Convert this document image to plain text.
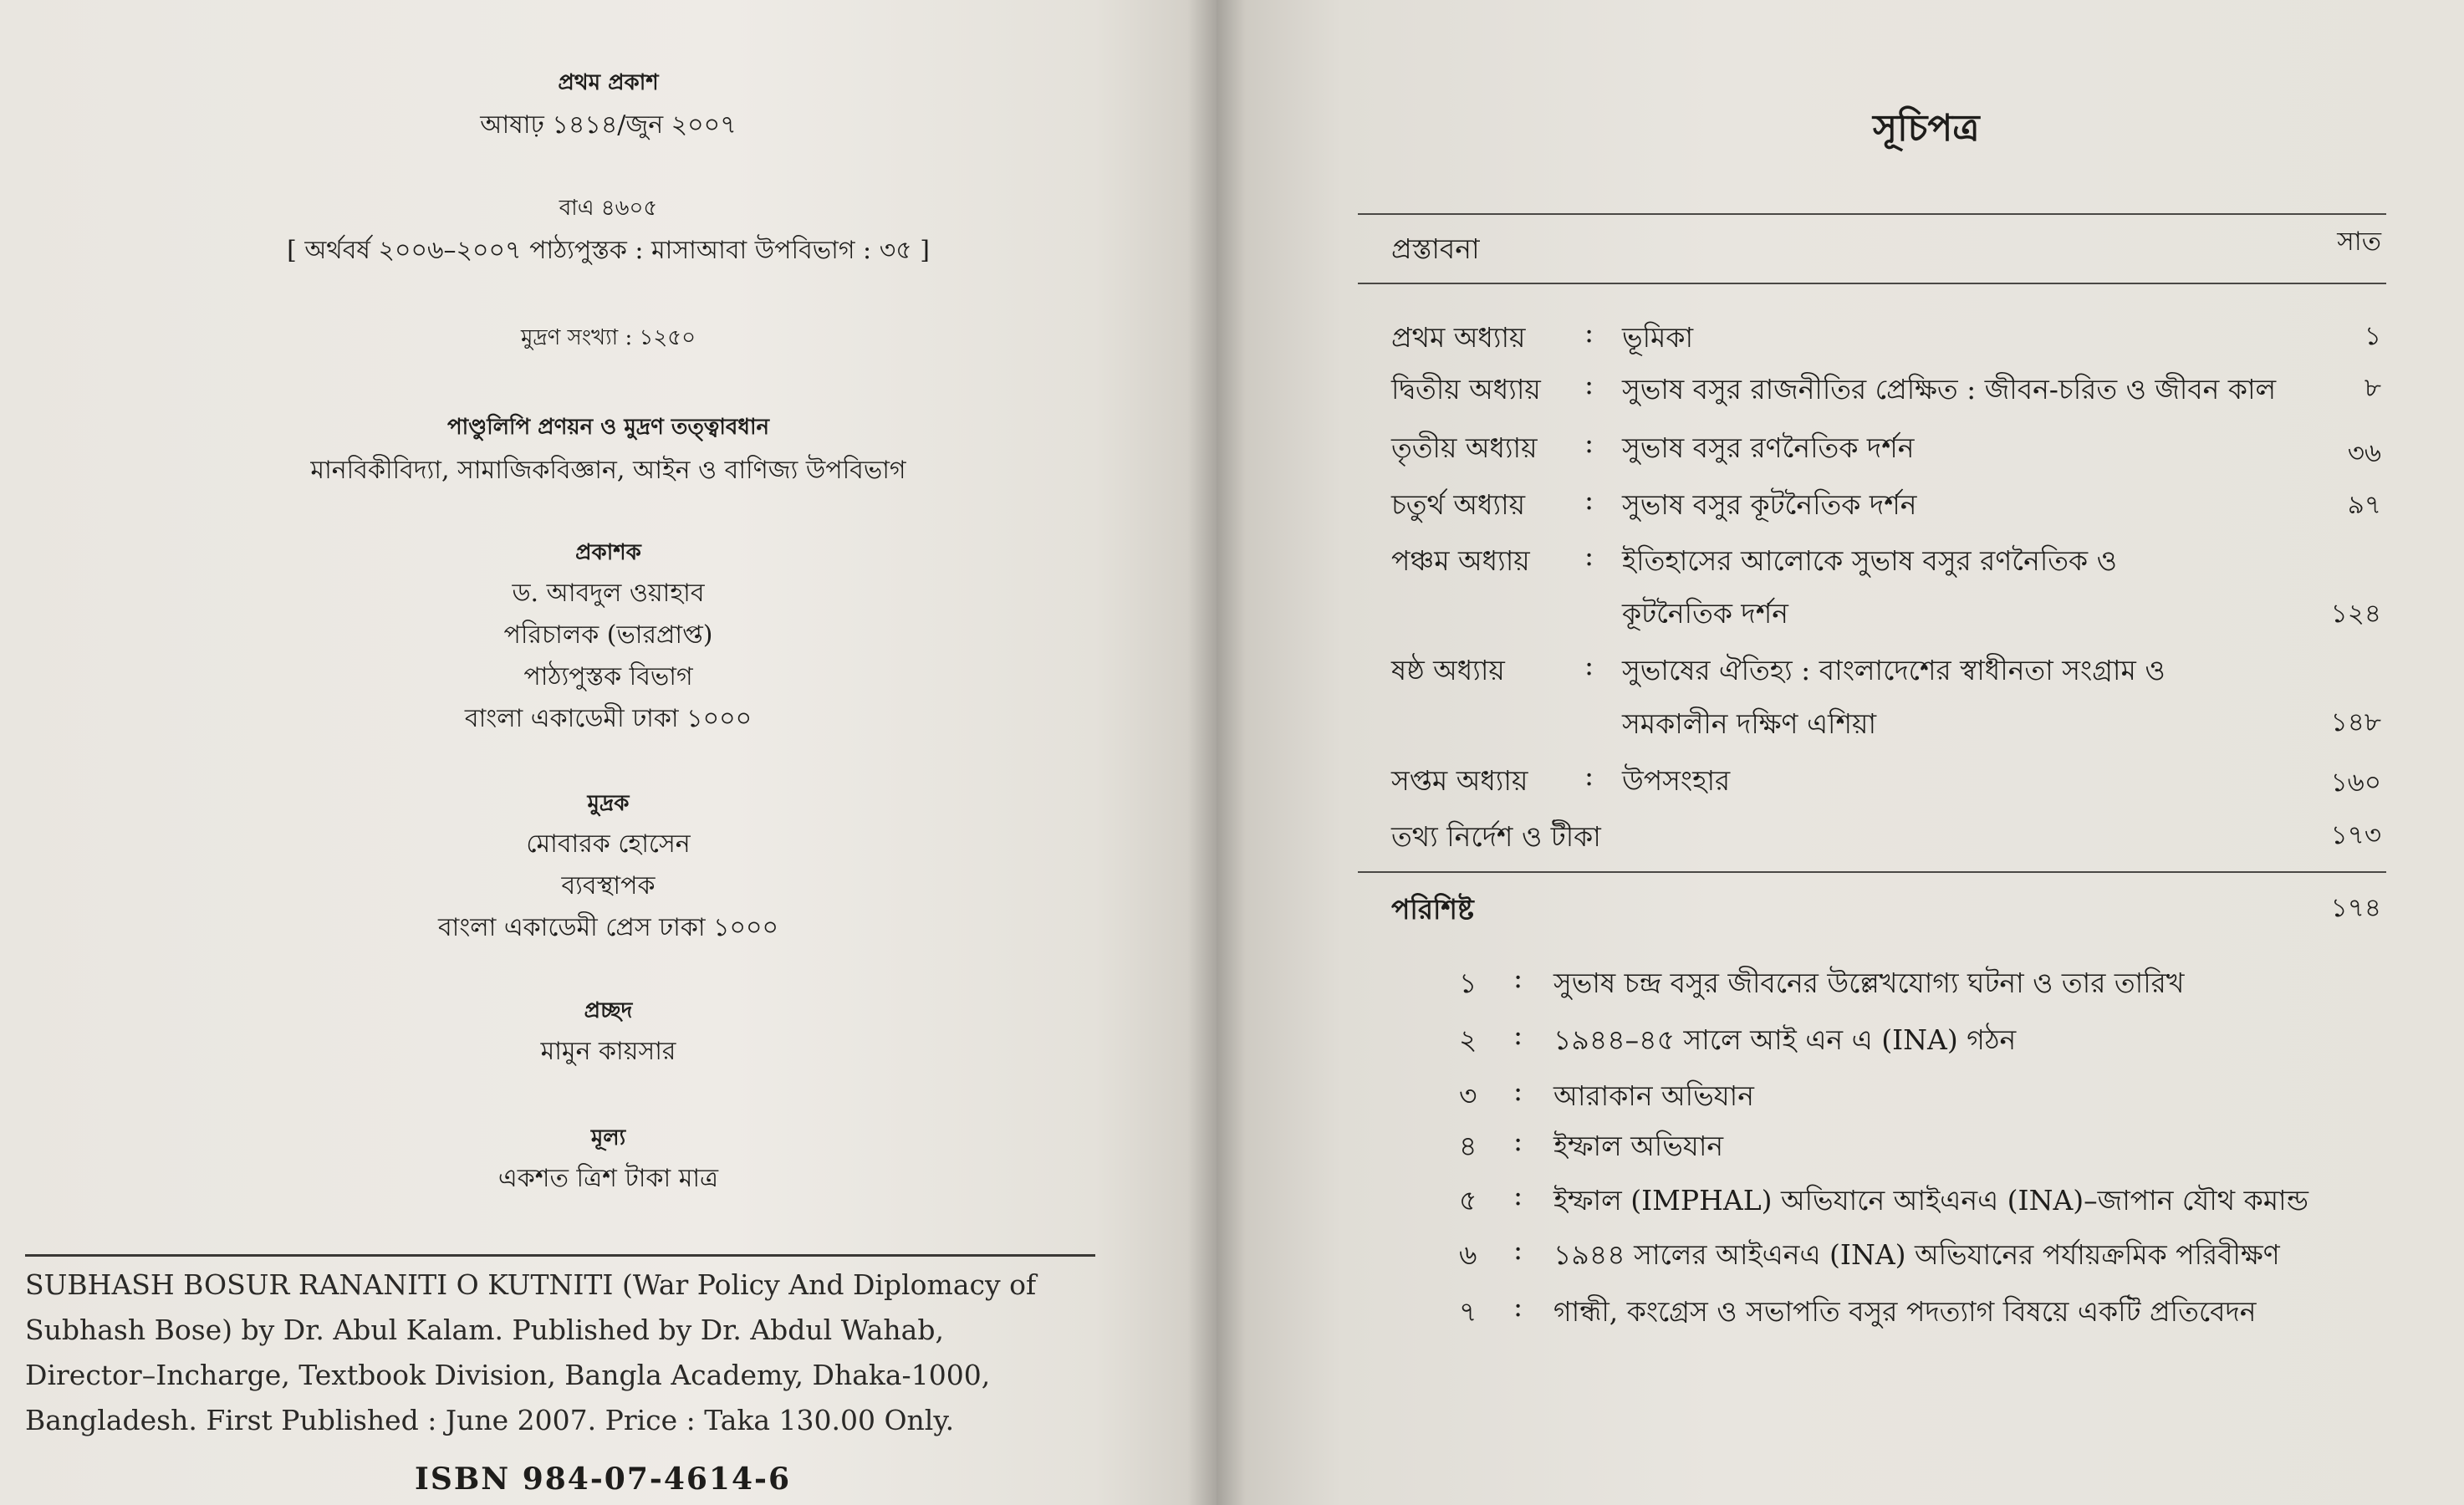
প্রথম প্রকাশ
আষাঢ় ১৪১৪/জুন ২০০৭
বাএ ৪৬০৫
[ অর্থবর্ষ ২০০৬–২০০৭ পাঠ্যপুস্তক : মাসাআবা উপবিভাগ : ৩৫ ]
মুদ্রণ সংখ্যা : ১২৫০
পাণ্ডুলিপি প্রণয়ন ও মুদ্রণ তত্ত্বাবধান
মানবিকীবিদ্যা, সামাজিকবিজ্ঞান, আইন ও বাণিজ্য উপবিভাগ
প্রকাশক
ড. আবদুল ওয়াহাব
পরিচালক (ভারপ্রাপ্ত)
পাঠ্যপুস্তক বিভাগ
বাংলা একাডেমী ঢাকা ১০০০
মুদ্রক
মোবারক হোসেন
ব্যবস্থাপক
বাংলা একাডেমী প্রেস ঢাকা ১০০০
প্রচ্ছদ
মামুন কায়সার
মূল্য
একশত ত্রিশ টাকা মাত্র
SUBHASH BOSUR RANANITI O KUTNITI (War Policy And Diplomacy of
Subhash Bose) by Dr. Abul Kalam. Published by Dr. Abdul Wahab,
Director–Incharge, Textbook Division, Bangla Academy, Dhaka-1000,
Bangladesh. First Published : June 2007. Price : Taka 130.00 Only.
ISBN 984-07-4614-6
সূচিপত্র
প্রস্তাবনা	সাত
প্রথম অধ্যায় : ভূমিকা	১
দ্বিতীয় অধ্যায় : সুভাষ বসুর রাজনীতির প্রেক্ষিত : জীবন-চরিত ও জীবন কাল	৮
তৃতীয় অধ্যায় : সুভাষ বসুর রণনৈতিক দর্শন	৩৬
চতুর্থ অধ্যায় : সুভাষ বসুর কূটনৈতিক দর্শন	৯৭
পঞ্চম অধ্যায় : ইতিহাসের আলোকে সুভাষ বসুর রণনৈতিক ও
কূটনৈতিক দর্শন	১২৪
ষষ্ঠ অধ্যায়	: সুভাষের ঐতিহ্য : বাংলাদেশের স্বাধীনতা সংগ্রাম ও
সমকালীন দক্ষিণ এশিয়া	১৪৮
সপ্তম অধ্যায় : উপসংহার	১৬০
তথ্য নির্দেশ ও টীকা	১৭৩
পরিশিষ্ট	১৭৪
১ : সুভাষ চন্দ্র বসুর জীবনের উল্লেখযোগ্য ঘটনা ও তার তারিখ
২ : ১৯৪৪–৪৫ সালে আই এন এ (INA) গঠন
৩ : আরাকান অভিযান
৪ : ইম্ফাল অভিযান
৫ : ইম্ফাল (IMPHAL) অভিযানে আইএনএ (INA)–জাপান যৌথ কমান্ড
৬ : ১৯৪৪ সালের আইএনএ (INA) অভিযানের পর্যায়ক্রমিক পরিবীক্ষণ
৭ : গান্ধী, কংগ্রেস ও সভাপতি বসুর পদত্যাগ বিষয়ে একটি প্রতিবেদন
